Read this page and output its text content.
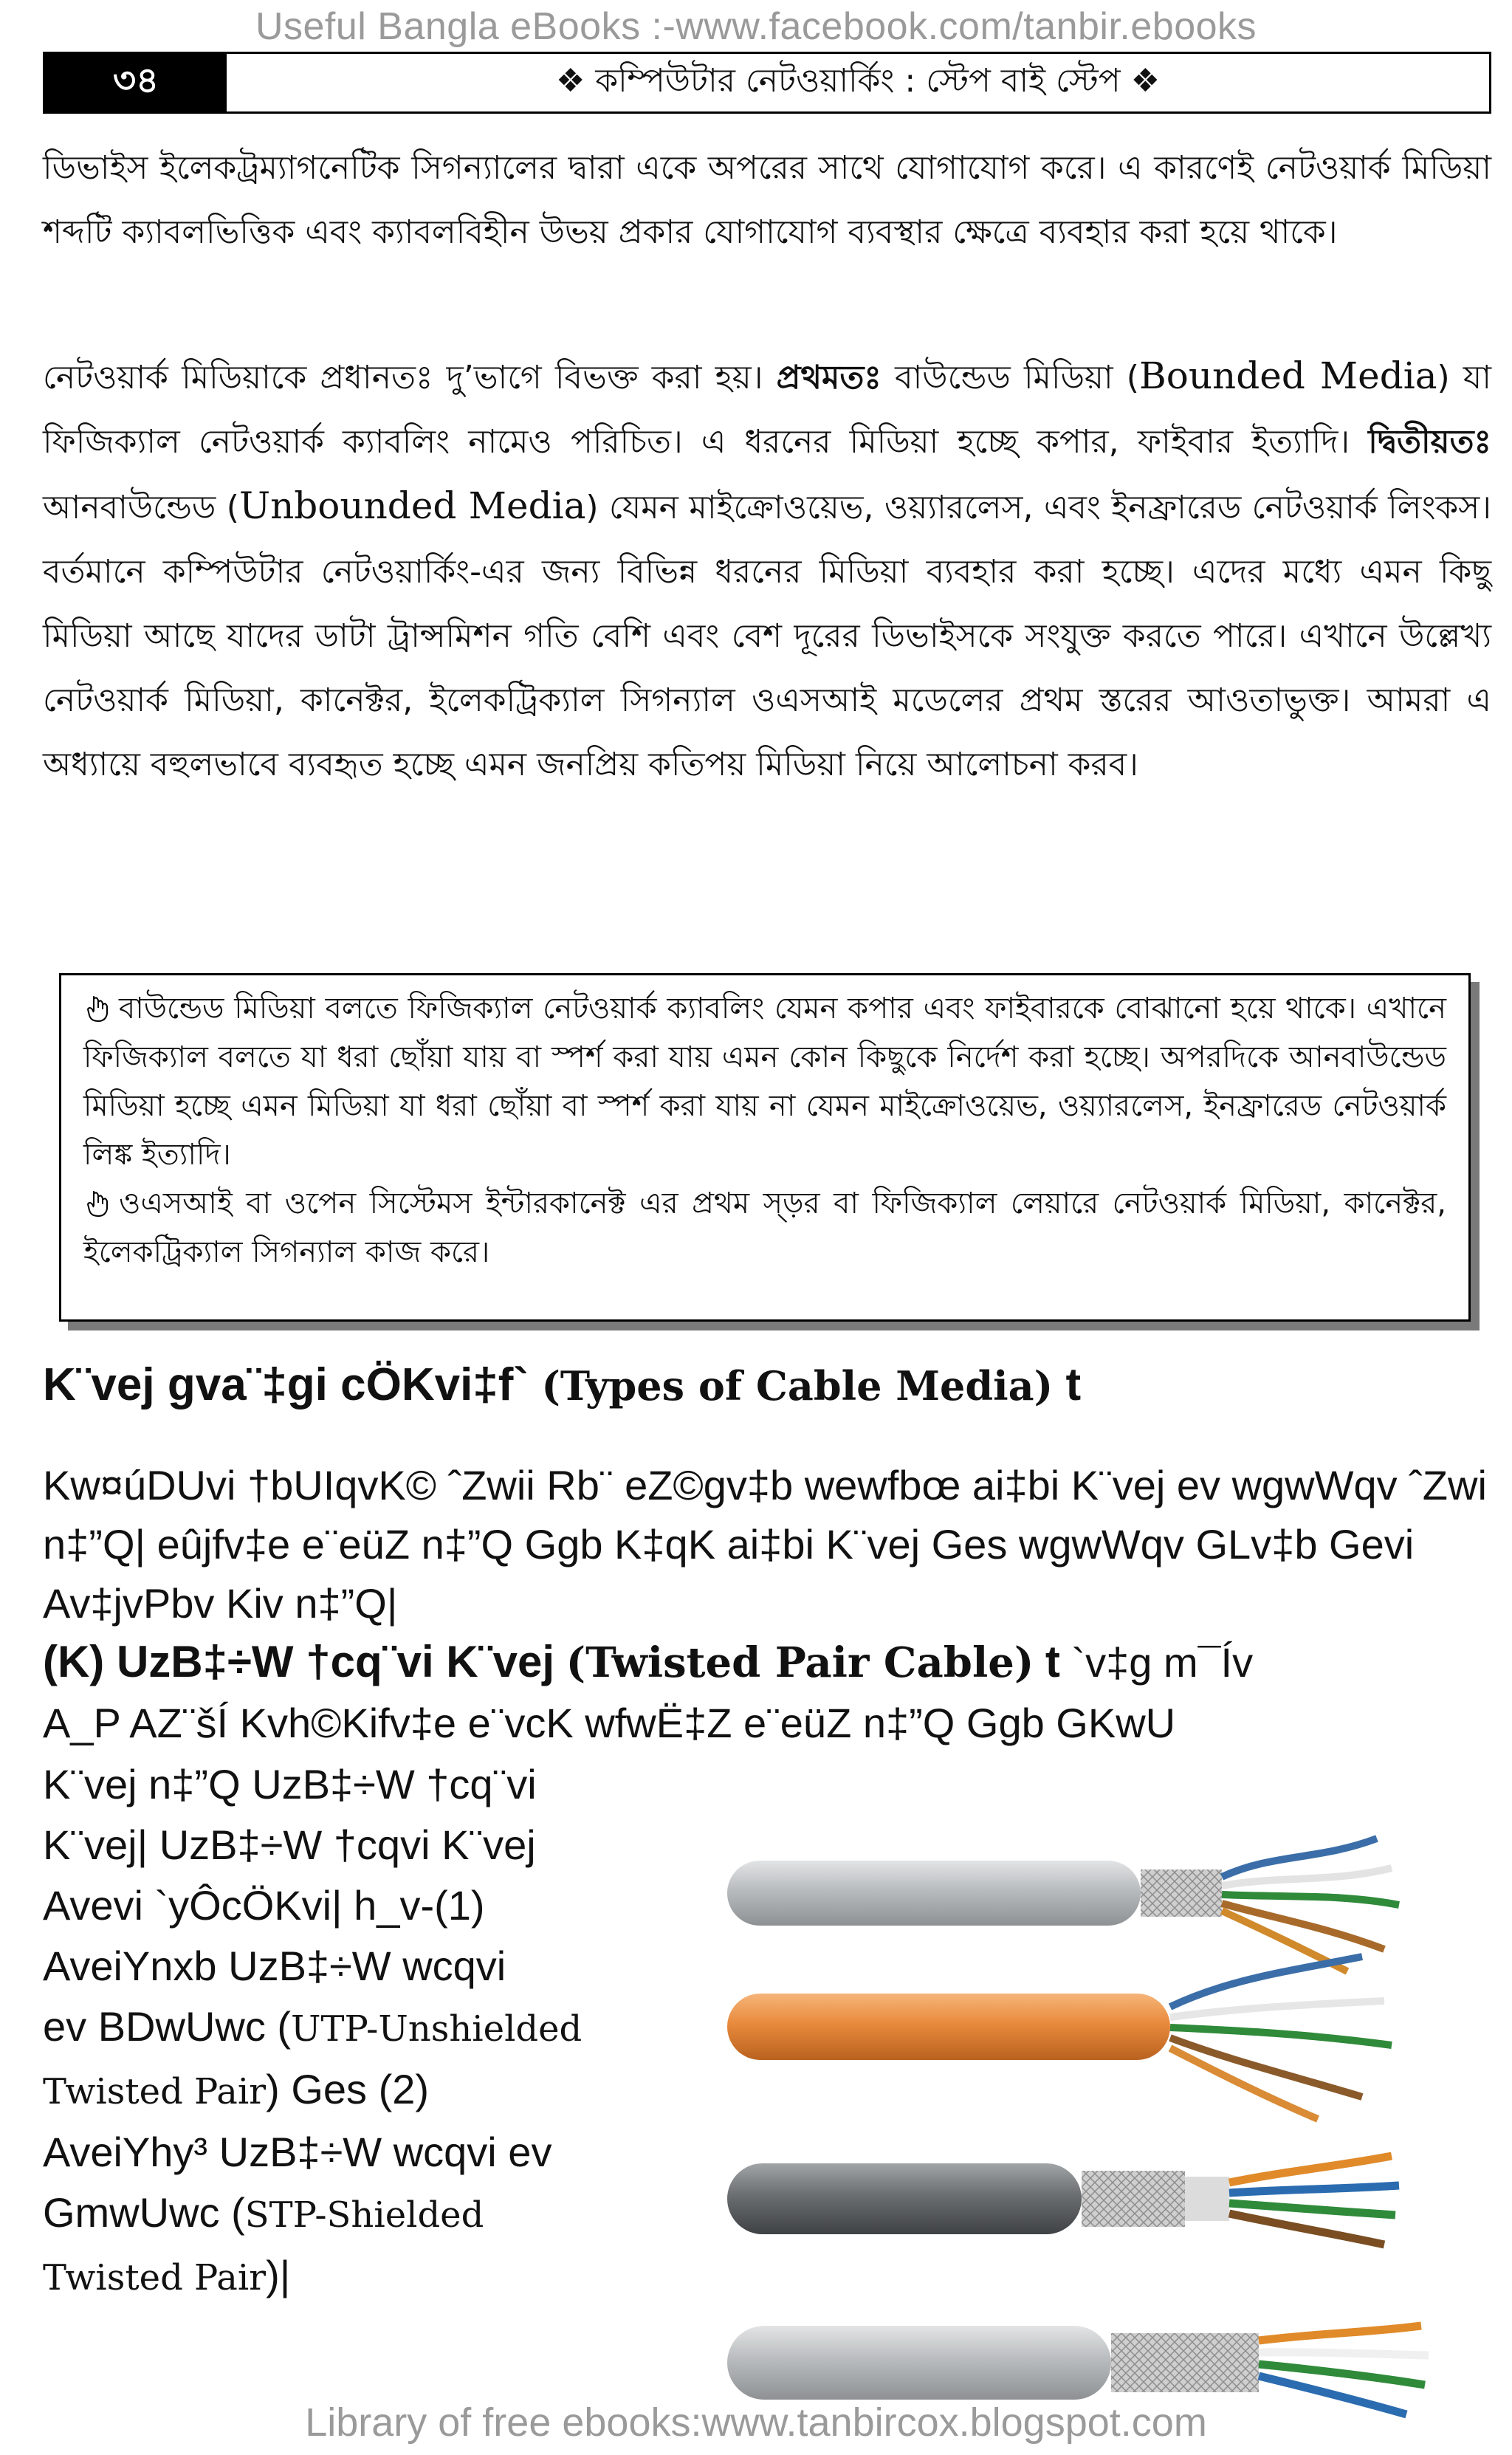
Useful Bangla eBooks :-www.facebook.com/tanbir.ebooks
৩৪	❖ কম্পিউটার নেটওয়ার্কিং : স্টেপ বাই স্টেপ ❖

ডিভাইস ইলেকট্রম্যাগনেটিক সিগন্যালের দ্বারা একে অপরের সাথে যোগাযোগ করে। এ কারণেই নেটওয়ার্ক মিডিয়া শব্দটি ক্যাবলভিত্তিক এবং ক্যাবলবিহীন উভয় প্রকার যোগাযোগ ব্যবস্থার ক্ষেত্রে ব্যবহার করা হয়ে থাকে।

নেটওয়ার্ক মিডিয়াকে প্রধানতঃ দু’ভাগে বিভক্ত করা হয়। প্রথমতঃ বাউন্ডেড মিডিয়া (Bounded Media) যা ফিজিক্যাল নেটওয়ার্ক ক্যাবলিং নামেও পরিচিত। এ ধরনের মিডিয়া হচ্ছে কপার, ফাইবার ইত্যাদি। দ্বিতীয়তঃ আনবাউন্ডেড (Unbounded Media) যেমন মাইক্রোওয়েভ, ওয়্যারলেস, এবং ইনফ্রারেড নেটওয়ার্ক লিংকস। বর্তমানে কম্পিউটার নেটওয়ার্কিং-এর জন্য বিভিন্ন ধরনের মিডিয়া ব্যবহার করা হচ্ছে। এদের মধ্যে এমন কিছু মিডিয়া আছে যাদের ডাটা ট্রান্সমিশন গতি বেশি এবং বেশ দূরের ডিভাইসকে সংযুক্ত করতে পারে। এখানে উল্লেখ্য নেটওয়ার্ক মিডিয়া, কানেক্টর, ইলেকট্রিক্যাল সিগন্যাল ওএসআই মডেলের প্রথম স্তরের আওতাভুক্ত। আমরা এ অধ্যায়ে বহুলভাবে ব্যবহৃত হচ্ছে এমন জনপ্রিয় কতিপয় মিডিয়া নিয়ে আলোচনা করব।

বাউন্ডেড মিডিয়া বলতে ফিজিক্যাল নেটওয়ার্ক ক্যাবলিং যেমন কপার এবং ফাইবারকে বোঝানো হয়ে থাকে। এখানে ফিজিক্যাল বলতে যা ধরা ছোঁয়া যায় বা স্পর্শ করা যায় এমন কোন কিছুকে নির্দেশ করা হচ্ছে। অপরদিকে আনবাউন্ডেড মিডিয়া হচ্ছে এমন মিডিয়া যা ধরা ছোঁয়া বা স্পর্শ করা যায় না যেমন মাইক্রোওয়েভ, ওয়্যারলেস, ইনফ্রারেড নেটওয়ার্ক লিঙ্ক ইত্যাদি।

ওএসআই বা ওপেন সিস্টেমস ইন্টারকানেক্ট এর প্রথম স্ড়র বা ফিজিক্যাল লেয়ারে নেটওয়ার্ক মিডিয়া, কানেক্টর, ইলেকট্রিক্যাল সিগন্যাল কাজ করে।

K¨vej gva¨‡gi cÖKvi‡f` (Types of Cable Media) t

Kw¤úDUvi †bUIqvK© ˆZwii Rb¨ eZ©gv‡b wewfbœ ai‡bi K¨vej ev wgwWqv ˆZwi n‡”Q| eûjfv‡e e¨eüZ n‡”Q Ggb K‡qK ai‡bi K¨vej Ges wgwWqv GLv‡b Gevi Av‡jvPbv Kiv n‡”Q|

(K) UzB‡÷W †cq¨vi K¨vej (Twisted Pair Cable) t `v‡g m¯Ív
A_P AZ¨šÍ Kvh©Kifv‡e e¨vcK wfwË‡Z e¨eüZ n‡”Q Ggb GKwU

K¨vej n‡”Q UzB‡÷W †cq¨vi
K¨vej| UzB‡÷W †cqvi K¨vej
Avevi `yÔcÖKvi| h_v-(1)
AveiYnxb UzB‡÷W wcqvi
ev BDwUwc (UTP-Unshielded
Twisted Pair) Ges (2)
AveiYhy³ UzB‡÷W wcqvi ev
GmwUwc (STP-Shielded
Twisted Pair)|

Library of free ebooks:www.tanbircox.blogspot.com
